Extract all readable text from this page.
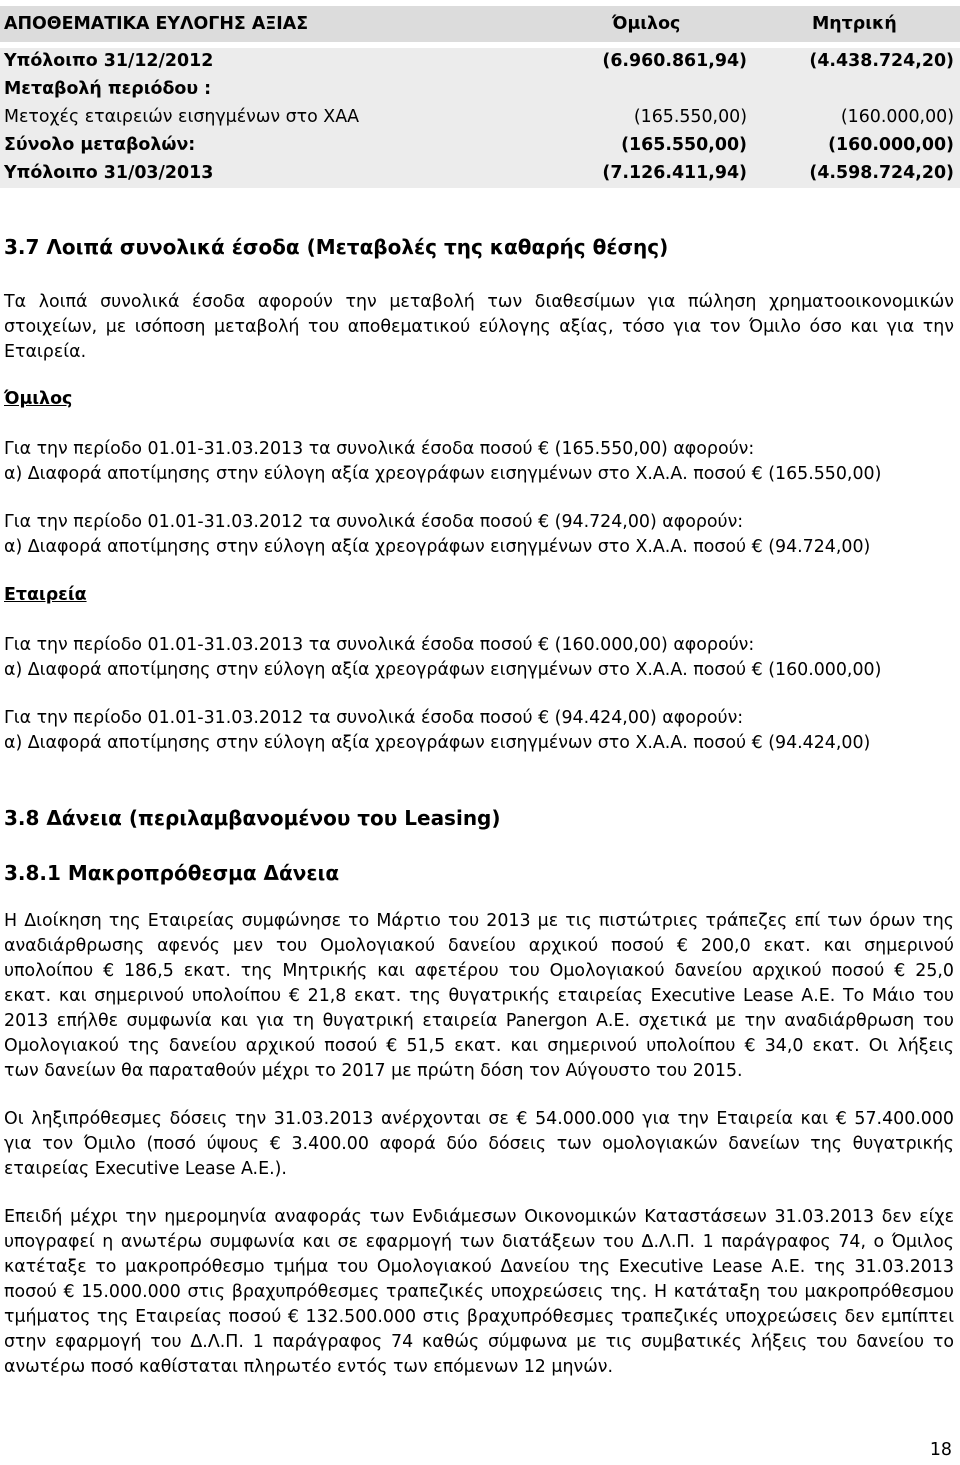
ΑΠΟΘΕΜΑΤΙΚΑ ΕΥΛΟΓΗΣ ΑΞΙΑΣ	Όμιλος	Μητρική
Υπόλοιπο 31/12/2012	(6.960.861,94)	(4.438.724,20)
Μεταβολή περιόδου :
Μετοχές εταιρειών εισηγμένων στο ΧΑΑ	(165.550,00)	(160.000,00)
Σύνολο μεταβολών:	(165.550,00)	(160.000,00)
Υπόλοιπο 31/03/2013	(7.126.411,94)	(4.598.724,20)
3.7 Λοιπά συνολικά έσοδα (Μεταβολές της καθαρής θέσης)
Τα λοιπά συνολικά έσοδα αφορούν την μεταβολή των διαθεσίμων για πώληση χρηματοοικονομικών
στοιχείων, με ισόποση μεταβολή του αποθεματικού εύλογης αξίας, τόσο για τον Όμιλο όσο και για την
Εταιρεία.
Όμιλος
Για την περίοδο 01.01-31.03.2013 τα συνολικά έσοδα ποσού € (165.550,00) αφορούν:
α) Διαφορά αποτίμησης στην εύλογη αξία χρεογράφων εισηγμένων στο Χ.Α.Α. ποσού € (165.550,00)
Για την περίοδο 01.01-31.03.2012 τα συνολικά έσοδα ποσού € (94.724,00) αφορούν:
α) Διαφορά αποτίμησης στην εύλογη αξία χρεογράφων εισηγμένων στο Χ.Α.Α. ποσού € (94.724,00)
Εταιρεία
Για την περίοδο 01.01-31.03.2013 τα συνολικά έσοδα ποσού € (160.000,00) αφορούν:
α) Διαφορά αποτίμησης στην εύλογη αξία χρεογράφων εισηγμένων στο Χ.Α.Α. ποσού € (160.000,00)
Για την περίοδο 01.01-31.03.2012 τα συνολικά έσοδα ποσού € (94.424,00) αφορούν:
α) Διαφορά αποτίμησης στην εύλογη αξία χρεογράφων εισηγμένων στο Χ.Α.Α. ποσού € (94.424,00)
3.8 Δάνεια (περιλαμβανομένου του Leasing)
3.8.1 Μακροπρόθεσμα Δάνεια
Η Διοίκηση της Εταιρείας συμφώνησε το Μάρτιο του 2013 με τις πιστώτριες τράπεζες επί των όρων της
αναδιάρθρωσης αφενός μεν του Ομολογιακού δανείου αρχικού ποσού € 200,0 εκατ. και σημερινού
υπολοίπου € 186,5 εκατ. της Μητρικής και αφετέρου του Ομολογιακού δανείου αρχικού ποσού € 25,0
εκατ. και σημερινού υπολοίπου € 21,8 εκατ. της θυγατρικής εταιρείας Executive Lease Α.Ε. Το Μάιο του
2013 επήλθε συμφωνία και για τη θυγατρική εταιρεία Panergon Α.Ε. σχετικά με την αναδιάρθρωση του
Ομολογιακού της δανείου αρχικού ποσού € 51,5 εκατ. και σημερινού υπολοίπου € 34,0 εκατ. Οι λήξεις
των δανείων θα παραταθούν μέχρι το 2017 με πρώτη δόση τον Αύγουστο του 2015.
Οι ληξιπρόθεσμες δόσεις την 31.03.2013 ανέρχονται σε € 54.000.000 για την Εταιρεία και € 57.400.000
για τον Όμιλο (ποσό ύψους € 3.400.00 αφορά δύο δόσεις των ομολογιακών δανείων της θυγατρικής
εταιρείας Executive Lease A.E.).
Επειδή μέχρι την ημερομηνία αναφοράς των Ενδιάμεσων Οικονομικών Καταστάσεων 31.03.2013 δεν είχε
υπογραφεί η ανωτέρω συμφωνία και σε εφαρμογή των διατάξεων του Δ.Λ.Π. 1 παράγραφος 74, ο Όμιλος
κατέταξε το μακροπρόθεσμο τμήμα του Ομολογιακού Δανείου της Executive Lease Α.Ε. της 31.03.2013
ποσού € 15.000.000 στις βραχυπρόθεσμες τραπεζικές υποχρεώσεις της. Η κατάταξη του μακροπρόθεσμου
τμήματος της Εταιρείας ποσού € 132.500.000 στις βραχυπρόθεσμες τραπεζικές υποχρεώσεις δεν εμπίπτει
στην εφαρμογή του Δ.Λ.Π. 1 παράγραφος 74 καθώς σύμφωνα με τις συμβατικές λήξεις του δανείου το
ανωτέρω ποσό καθίσταται πληρωτέο εντός των επόμενων 12 μηνών.
18
